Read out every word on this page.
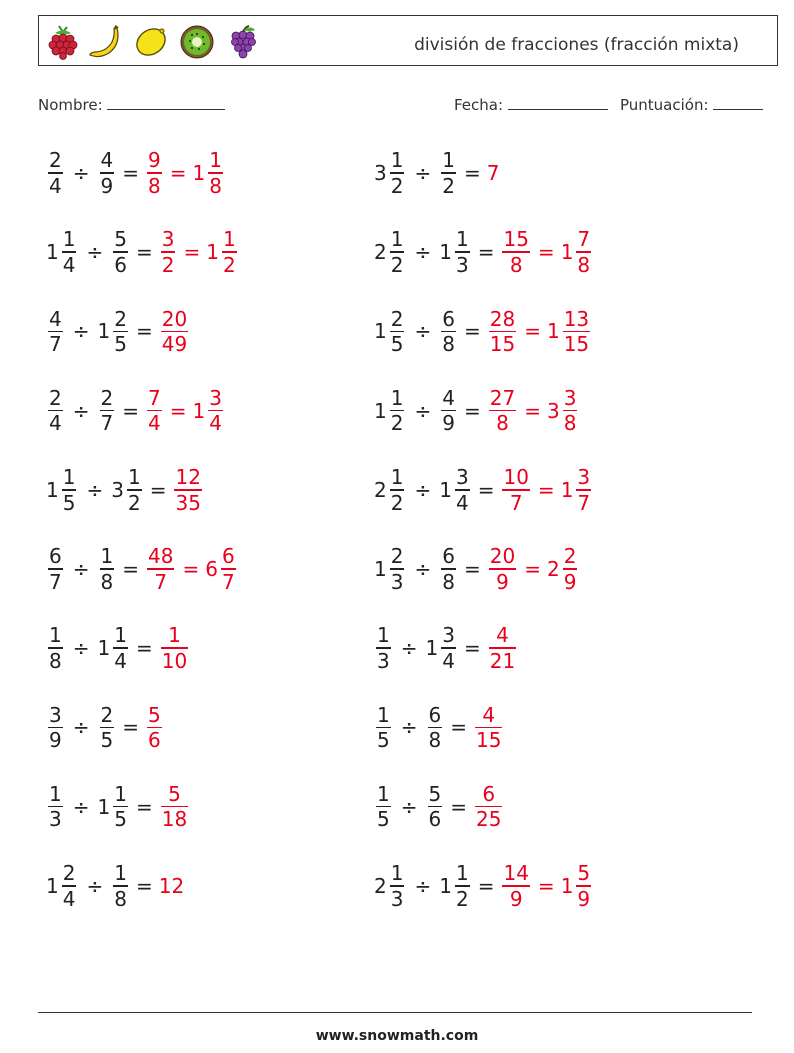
división de fracciones (fracción mixta)
Nombre:	Fecha:	Puntuación:
$\frac{2}{4} \div \frac{4}{9} = \frac{9}{8} = 1 \frac{1}{8}$	$3 \frac{1}{2} \div \frac{1}{2} = 7$
$1 \frac{1}{4} \div \frac{5}{6} = \frac{3}{2} = 1 \frac{1}{2}$	$2 \frac{1}{2} \div 1 \frac{1}{3} = \frac{15}{8} = 1 \frac{7}{8}$
$\frac{4}{7} \div 1 \frac{2}{5} = \frac{20}{49}$	$1 \frac{2}{5} \div \frac{6}{8} = \frac{28}{15} = 1 \frac{13}{15}$
$\frac{2}{4} \div \frac{2}{7} = \frac{7}{4} = 1 \frac{3}{4}$	$1 \frac{1}{2} \div \frac{4}{9} = \frac{27}{8} = 3 \frac{3}{8}$
$1 \frac{1}{5} \div 3 \frac{1}{2} = \frac{12}{35}$	$2 \frac{1}{2} \div 1 \frac{3}{4} = \frac{10}{7} = 1 \frac{3}{7}$
$\frac{6}{7} \div \frac{1}{8} = \frac{48}{7} = 6 \frac{6}{7}$	$1 \frac{2}{3} \div \frac{6}{8} = \frac{20}{9} = 2 \frac{2}{9}$
$\frac{1}{8} \div 1 \frac{1}{4} = \frac{1}{10}$	$\frac{1}{3} \div 1 \frac{3}{4} = \frac{4}{21}$
$\frac{3}{9} \div \frac{2}{5} = \frac{5}{6}$	$\frac{1}{5} \div \frac{6}{8} = \frac{4}{15}$
$\frac{1}{3} \div 1 \frac{1}{5} = \frac{5}{18}$	$\frac{1}{5} \div \frac{5}{6} = \frac{6}{25}$
$1 \frac{2}{4} \div \frac{1}{8} = 12$	$2 \frac{1}{3} \div 1 \frac{1}{2} = \frac{14}{9} = 1 \frac{5}{9}$
www.snowmath.com
